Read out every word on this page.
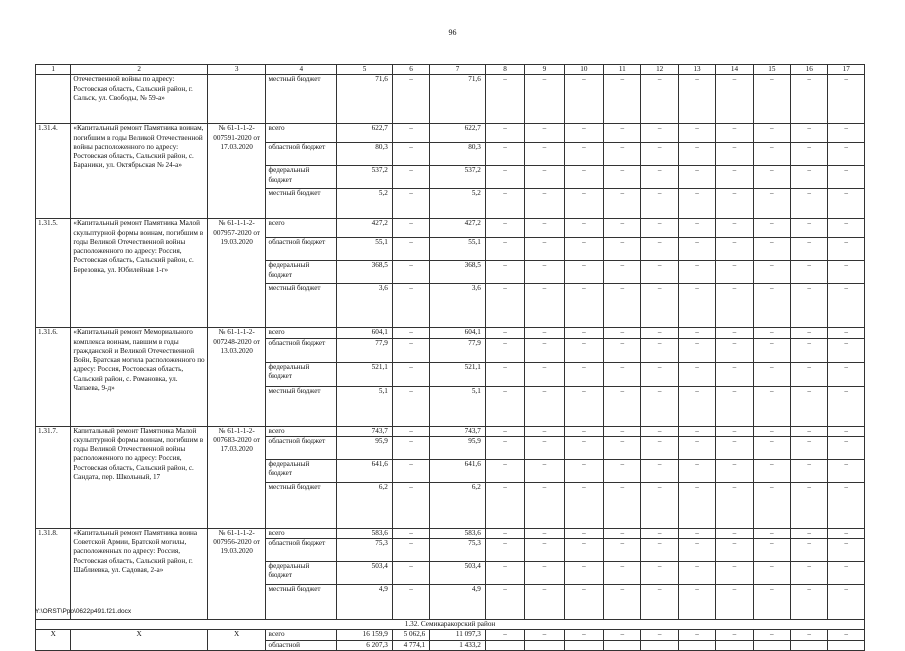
96
1	2	3	4	5	6	7	8	9	10	11	12	13	14	15	16	17
	Отечественной войны по адресу: Ростовская область, Сальский район, г. Сальск, ул. Свободы, № 59-а»		местный бюджет	71,6	–	71,6	–	–	–	–	–	–	–	–	–	–
1.31.4.	«Капитальный ремонт Памятника воинам, погибшим в годы Великой Отечественной войны расположенного по адресу: Ростовская область, Сальский район, с. Бараники, ул. Октябрьская № 24-а»	№ 61-1-1-2-007591-2020 от 17.03.2020	всего	622,7	–	622,7	–	–	–	–	–	–	–	–	–	–
			областной бюджет	80,3	–	80,3	–	–	–	–	–	–	–	–	–	–
			федеральный бюджет	537,2	–	537,2	–	–	–	–	–	–	–	–	–	–
			местный бюджет	5,2	–	5,2	–	–	–	–	–	–	–	–	–	–
1.31.5.	«Капитальный ремонт Памятника Малой скульптурной формы воинам, погибшим в годы Великой Отечественной войны расположенного по адресу: Россия, Ростовская область, Сальский район, с. Березовка, ул. Юбилейная 1-г»	№ 61-1-1-2-007957-2020 от 19.03.2020	всего	427,2	–	427,2	–	–	–	–	–	–	–	–	–	–
			областной бюджет	55,1	–	55,1	–	–	–	–	–	–	–	–	–	–
			федеральный бюджет	368,5	–	368,5	–	–	–	–	–	–	–	–	–	–
			местный бюджет	3,6	–	3,6	–	–	–	–	–	–	–	–	–	–
1.31.6.	«Капитальный ремонт Мемориального комплекса воинам, павшим в годы гражданской и Великой Отечественной Войн, Братская могила расположенного по адресу: Россия, Ростовская область, Сальский район, с. Романовка, ул. Чапаева, 9-д»	№ 61-1-1-2-007248-2020 от 13.03.2020	всего	604,1	–	604,1	–	–	–	–	–	–	–	–	–	–
			областной бюджет	77,9	–	77,9	–	–	–	–	–	–	–	–	–	–
			федеральный бюджет	521,1	–	521,1	–	–	–	–	–	–	–	–	–	–
			местный бюджет	5,1	–	5,1	–	–	–	–	–	–	–	–	–	–
1.31.7.	Капитальный ремонт Памятника Малой скульптурной формы воинам, погибшим в годы Великой Отечественной войны расположенного по адресу: Россия, Ростовская область, Сальский район, с. Сандата, пер. Школьный, 17	№ 61-1-1-2-007683-2020 от 17.03.2020	всего	743,7	–	743,7	–	–	–	–	–	–	–	–	–	–
			областной бюджет	95,9	–	95,9	–	–	–	–	–	–	–	–	–	–
			федеральный бюджет	641,6	–	641,6	–	–	–	–	–	–	–	–	–	–
			местный бюджет	6,2	–	6,2	–	–	–	–	–	–	–	–	–	–
1.31.8.	«Капитальный ремонт Памятника воина Советской Армии, Братской могилы, расположенных по адресу: Россия, Ростовская область, Сальский район, г. Шаблиевка, ул. Садовая, 2-а»	№ 61-1-1-2-007956-2020 от 19.03.2020	всего	583,6	–	583,6	–	–	–	–	–	–	–	–	–	–
			областной бюджет	75,3	–	75,3	–	–	–	–	–	–	–	–	–	–
			федеральный бюджет	503,4	–	503,4	–	–	–	–	–	–	–	–	–	–
			местный бюджет	4,9	–	4,9	–	–	–	–	–	–	–	–	–	–
1.32. Семикаракорский район																
X	X	X	всего	16 159,9	5 062,6	11 097,3	–	–	–	–	–	–	–	–	–	–
			областной	6 207,3	4 774,1	1 433,2										
Y:\ORST\Ppo\0622p491.f21.docx
